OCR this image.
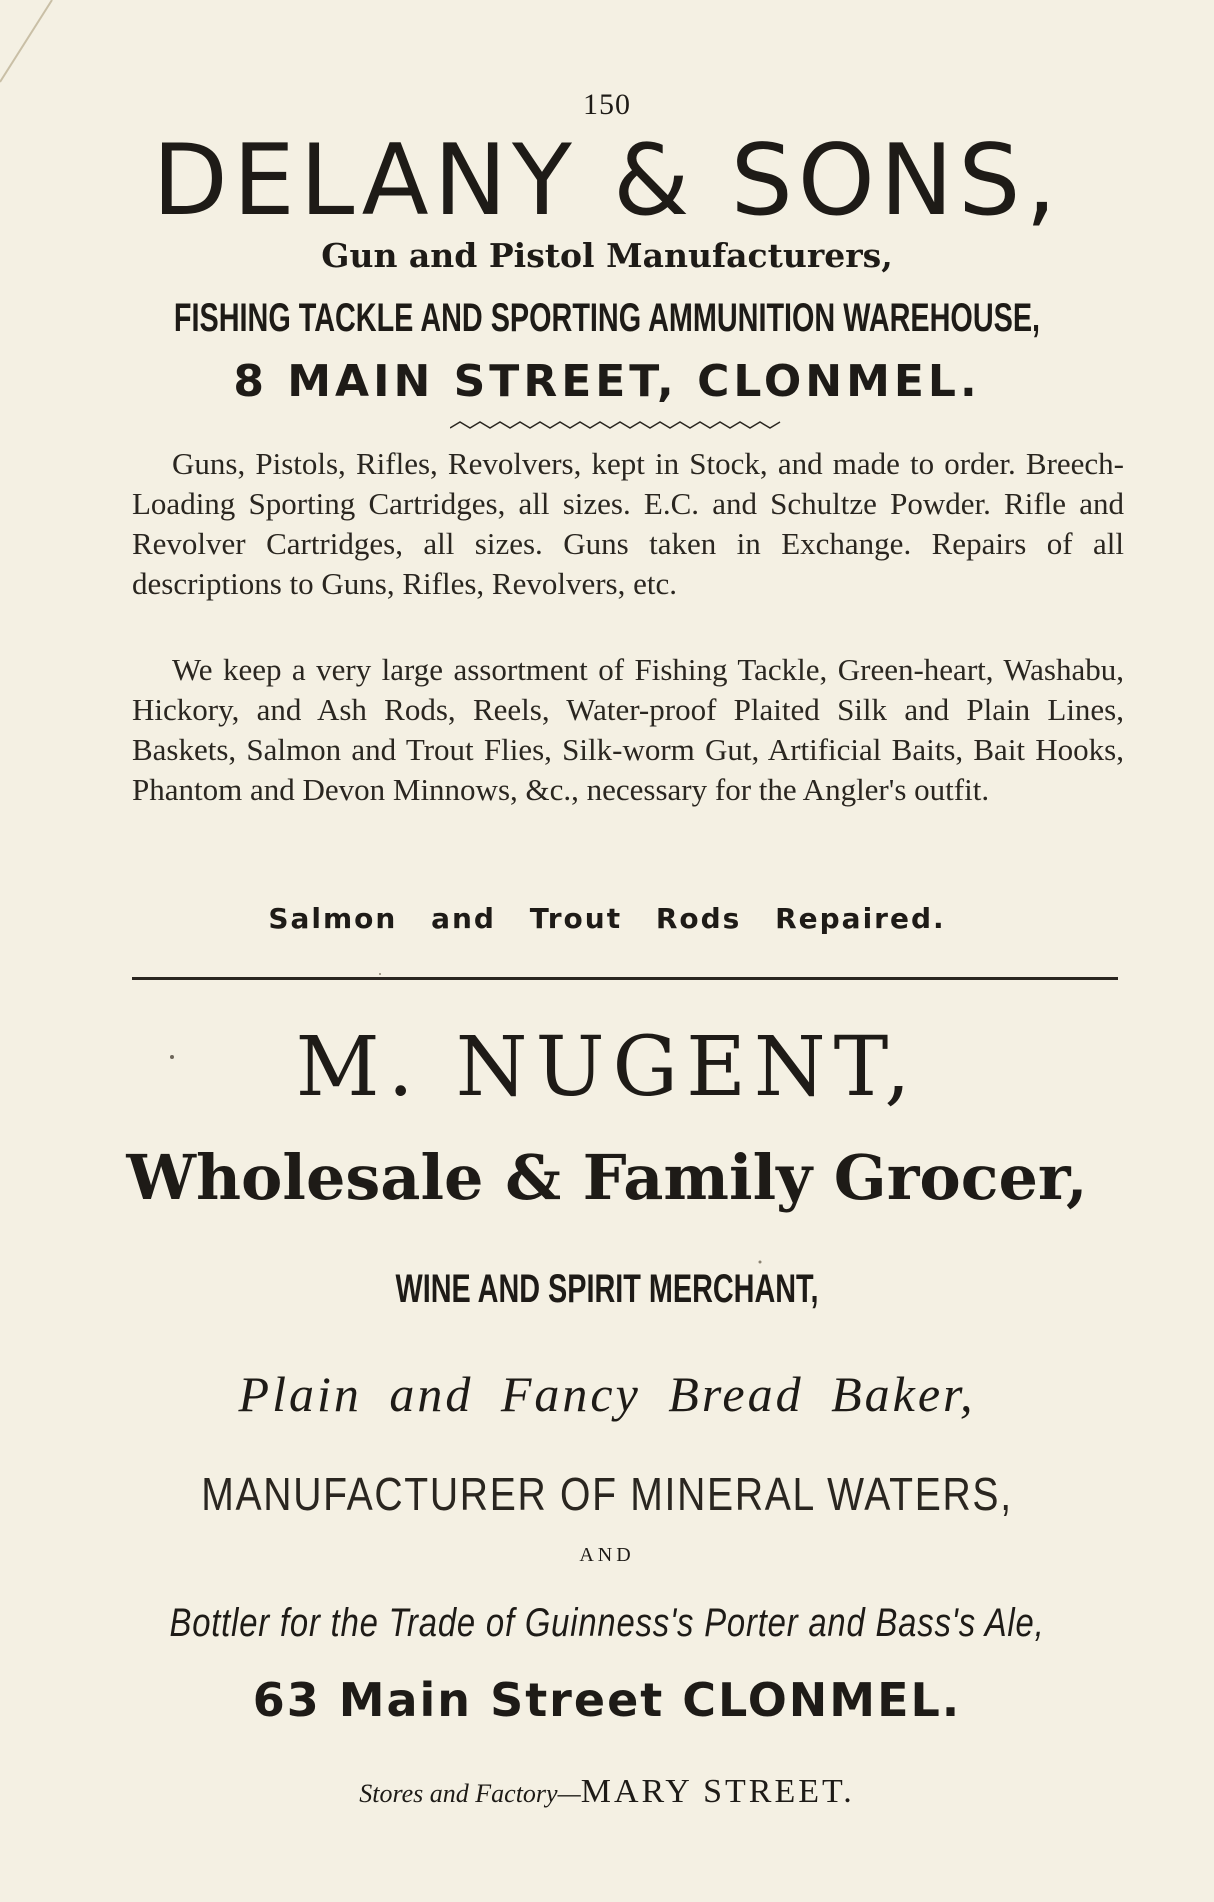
150
DELANY & SONS,
Gun and Pistol Manufacturers,
FISHING TACKLE AND SPORTING AMMUNITION WAREHOUSE,
8 MAIN STREET, CLONMEL.
Guns, Pistols, Rifles, Revolvers, kept in Stock, and made to order. Breech-Loading Sporting Cartridges, all sizes. E.C. and Schultze Powder. Rifle and Revolver Cartridges, all sizes. Guns taken in Exchange. Repairs of all descriptions to Guns, Rifles, Revolvers, etc.
We keep a very large assortment of Fishing Tackle, Green-heart, Washabu, Hickory, and Ash Rods, Reels, Water-proof Plaited Silk and Plain Lines, Baskets, Salmon and Trout Flies, Silk-worm Gut, Artificial Baits, Bait Hooks, Phantom and Devon Minnows, &c., necessary for the Angler's outfit.
Salmon and Trout Rods Repaired.
M. NUGENT,
Wholesale & Family Grocer,
WINE AND SPIRIT MERCHANT,
Plain and Fancy Bread Baker,
MANUFACTURER OF MINERAL WATERS,
AND
Bottler for the Trade of Guinness's Porter and Bass's Ale,
63 Main Street CLONMEL.
Stores and Factory—MARY STREET.
